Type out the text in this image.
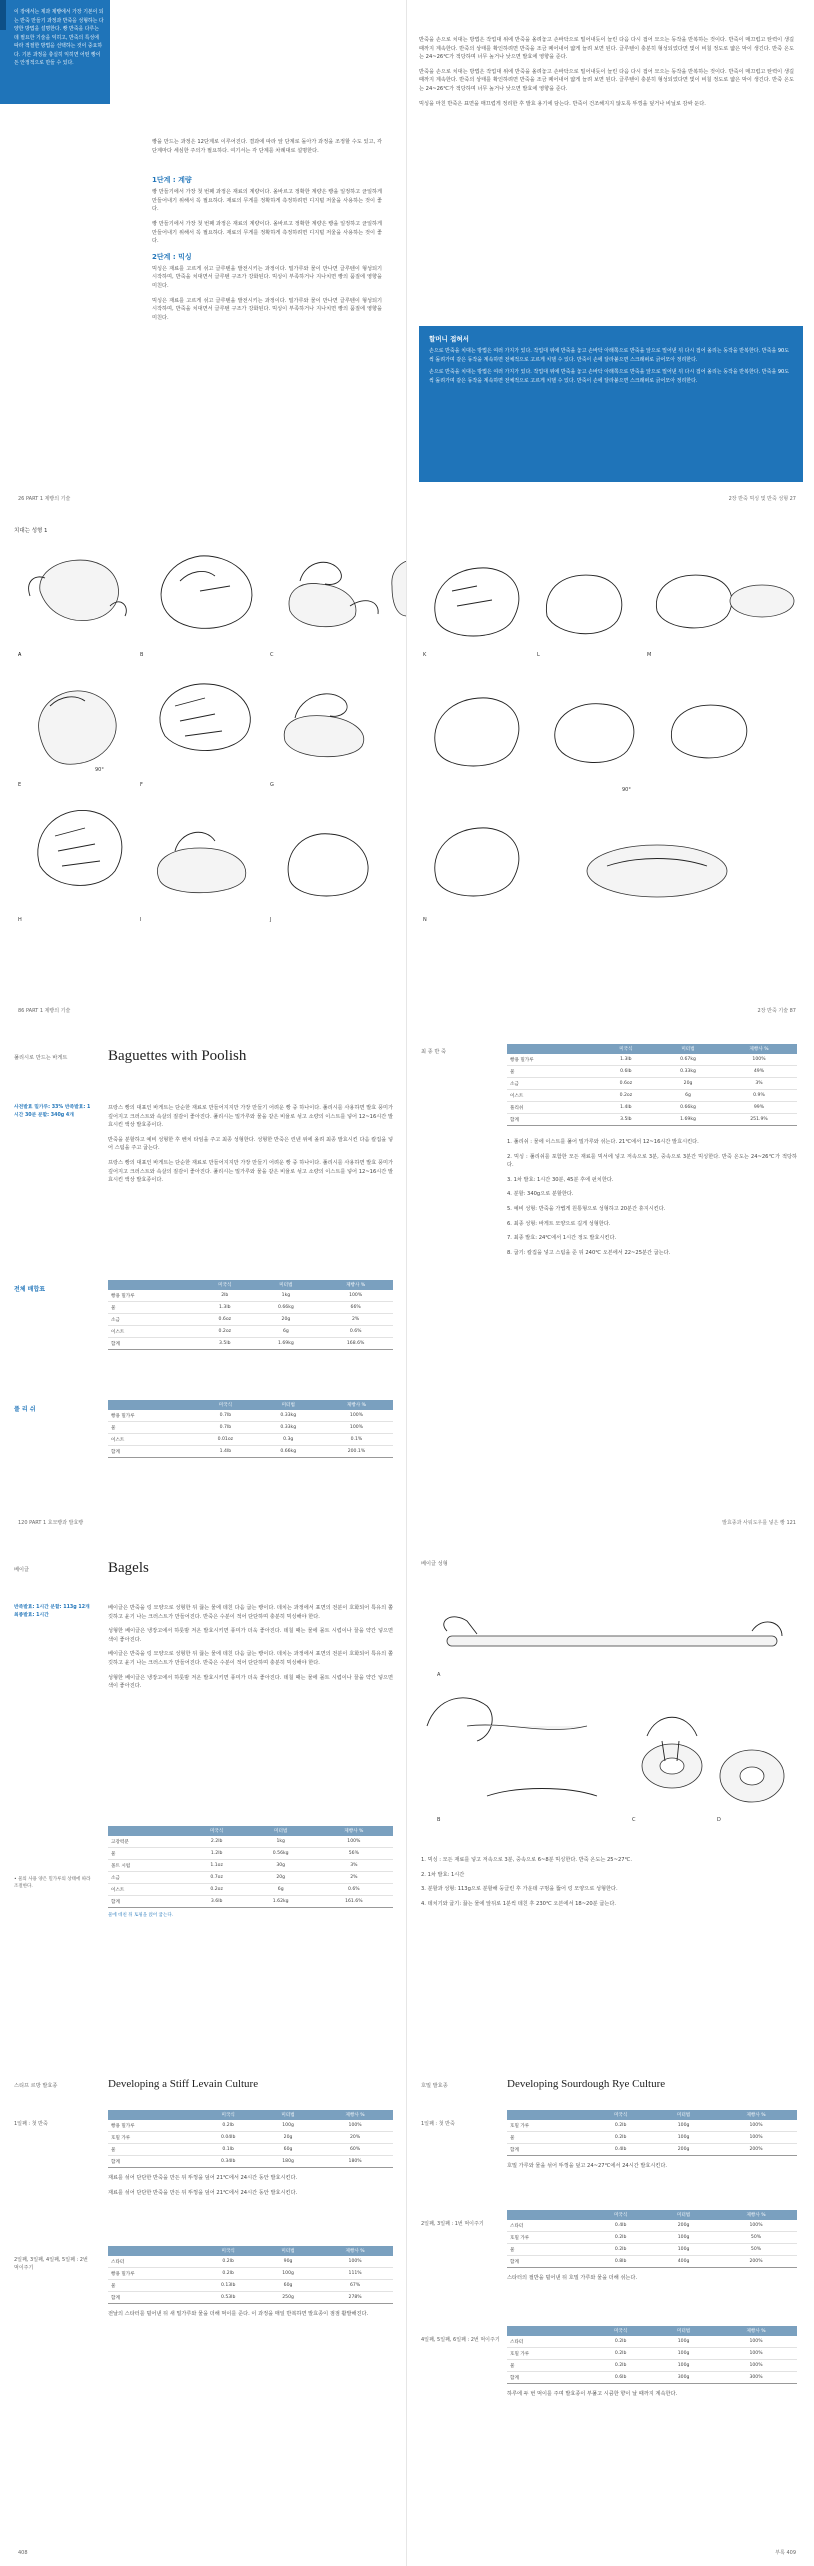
이 장에서는 제과 제빵에서 가장 기본이 되는 반죽 만들기 과정과 반죽을 성형하는 다양한 방법을 설명한다. 빵 반죽을 다루는 데 필요한 기술을 익히고, 반죽의 특성에 따라 적절한 방법을 선택하는 것이 중요하다. 기본 과정을 충실히 익히면 어떤 빵이든 안정적으로 만들 수 있다.

빵을 만드는 과정은 12단계로 이루어진다. 결과에 따라 앞 단계로 돌아가 과정을 조정할 수도 있고, 각 단계마다 세심한 주의가 필요하다. 여기서는 각 단계를 차례대로 설명한다.

1단계 : 계량

빵 만들기에서 가장 첫 번째 과정은 재료의 계량이다. 올바르고 정확한 계량은 빵을 일정하고 균일하게 만들어내기 위해서 꼭 필요하다. 재료의 무게를 정확하게 측정하려면 디지털 저울을 사용하는 것이 좋다.

빵 만들기에서 가장 첫 번째 과정은 재료의 계량이다. 올바르고 정확한 계량은 빵을 일정하고 균일하게 만들어내기 위해서 꼭 필요하다. 재료의 무게를 정확하게 측정하려면 디지털 저울을 사용하는 것이 좋다.

2단계 : 믹싱

믹싱은 재료를 고르게 섞고 글루텐을 발전시키는 과정이다. 밀가루와 물이 만나면 글루텐이 형성되기 시작하며, 반죽을 치대면서 글루텐 구조가 강화된다. 믹싱이 부족하거나 지나치면 빵의 품질에 영향을 미친다.

믹싱은 재료를 고르게 섞고 글루텐을 발전시키는 과정이다. 밀가루와 물이 만나면 글루텐이 형성되기 시작하며, 반죽을 치대면서 글루텐 구조가 강화된다. 믹싱이 부족하거나 지나치면 빵의 품질에 영향을 미친다.

26 PART 1 제빵의 기술

반죽을 손으로 치대는 방법은 작업대 위에 반죽을 올려놓고 손바닥으로 밀어내듯이 늘린 다음 다시 접어 모으는 동작을 반복하는 것이다. 반죽이 매끄럽고 탄력이 생길 때까지 계속한다. 반죽의 상태를 확인하려면 반죽을 조금 떼어내어 얇게 늘려 보면 된다. 글루텐이 충분히 형성되었다면 빛이 비칠 정도로 얇은 막이 생긴다. 반죽 온도는 24~26℃가 적당하며 너무 높거나 낮으면 발효에 영향을 준다.

반죽을 손으로 치대는 방법은 작업대 위에 반죽을 올려놓고 손바닥으로 밀어내듯이 늘린 다음 다시 접어 모으는 동작을 반복하는 것이다. 반죽이 매끄럽고 탄력이 생길 때까지 계속한다. 반죽의 상태를 확인하려면 반죽을 조금 떼어내어 얇게 늘려 보면 된다. 글루텐이 충분히 형성되었다면 빛이 비칠 정도로 얇은 막이 생긴다. 반죽 온도는 24~26℃가 적당하며 너무 높거나 낮으면 발효에 영향을 준다.

믹싱을 마친 반죽은 표면을 매끄럽게 정리한 후 발효 용기에 담는다. 반죽이 건조해지지 않도록 뚜껑을 덮거나 비닐로 감싸 둔다.

할머니 접혀서

손으로 반죽을 치대는 방법은 여러 가지가 있다. 작업대 위에 반죽을 놓고 손바닥 아래쪽으로 반죽을 앞으로 밀어낸 뒤 다시 접어 올리는 동작을 반복한다. 반죽을 90도씩 돌려가며 같은 동작을 계속하면 전체적으로 고르게 치댈 수 있다. 반죽이 손에 달라붙으면 스크래퍼로 긁어모아 정리한다.

손으로 반죽을 치대는 방법은 여러 가지가 있다. 작업대 위에 반죽을 놓고 손바닥 아래쪽으로 반죽을 앞으로 밀어낸 뒤 다시 접어 올리는 동작을 반복한다. 반죽을 90도씩 돌려가며 같은 동작을 계속하면 전체적으로 고르게 치댈 수 있다. 반죽이 손에 달라붙으면 스크래퍼로 긁어모아 정리한다.

2장 반죽 믹싱 및 반죽 성형 27
치대는 성형 1
A	B	C
E	F	G
H	I	J
90°
86 PART 1 제빵의 기술
K	L	M
N
90°
2장 반죽 기술 87
풀리시로 만드는 바게트	Baguettes with Poolish
사전발효 밀가루: 33% 반죽발효: 1시간 30분 분할: 340g 4개

프랑스 빵의 대표인 바게트는 단순한 재료로 만들어지지만 가장 만들기 어려운 빵 중 하나이다. 풀리시를 사용하면 발효 풍미가 깊어지고 크러스트와 속살의 질감이 좋아진다. 풀리시는 밀가루와 물을 같은 비율로 섞고 소량의 이스트를 넣어 12~16시간 발효시킨 액상 발효종이다.

반죽을 분할하고 예비 성형한 후 벤치 타임을 주고 최종 성형한다. 성형한 반죽은 린넨 위에 올려 최종 발효시킨 다음 칼집을 넣어 스팀을 주고 굽는다.

프랑스 빵의 대표인 바게트는 단순한 재료로 만들어지지만 가장 만들기 어려운 빵 중 하나이다. 풀리시를 사용하면 발효 풍미가 깊어지고 크러스트와 속살의 질감이 좋아진다. 풀리시는 밀가루와 물을 같은 비율로 섞고 소량의 이스트를 넣어 12~16시간 발효시킨 액상 발효종이다.

전체 배합표
	미국식	미터법	제빵사 %
빵용 밀가루	2lb	1kg	100%
물	1.3lb	0.66kg	66%
소금	0.6oz	20g	2%
이스트	0.2oz	6g	0.6%
합계	3.5lb	1.69kg	168.6%
풀 리 쉬
	미국식	미터법	제빵사 %
빵용 밀가루	0.7lb	0.33kg	100%
물	0.7lb	0.33kg	100%
이스트	0.01oz	0.3g	0.1%
합계	1.4lb	0.66kg	200.1%
120 PART 1 효모빵과 발효빵
최 종 반 죽
		미국식	미터법	제빵사 %
빵용 밀가루	1.3lb	0.67kg	100%
물	0.6lb	0.33kg	49%
소금	0.6oz	20g	3%
이스트	0.2oz	6g	0.9%
풀리쉬	1.4lb	0.66kg	99%
합계	3.5lb	1.69kg	251.9%

1. 풀리쉬 : 물에 이스트를 풀어 밀가루와 섞는다. 21℃에서 12~16시간 발효시킨다.

2. 믹싱 : 풀리쉬를 포함한 모든 재료를 믹서에 넣고 저속으로 3분, 중속으로 3분간 믹싱한다. 반죽 온도는 24~26℃가 적당하다.

3. 1차 발효: 1시간 30분, 45분 후에 펀치한다.

4. 분할: 340g으로 분할한다.

5. 예비 성형: 반죽을 가볍게 원통형으로 성형하고 20분간 휴지시킨다.

6. 최종 성형: 바게트 모양으로 길게 성형한다.

7. 최종 발효: 24℃에서 1시간 정도 발효시킨다.

8. 굽기: 칼집을 넣고 스팀을 준 뒤 240℃ 오븐에서 22~25분간 굽는다.

발효종과 사워도우를 넣은 빵 121
베이글	Bagels
반죽발효: 1시간 분할: 113g 12개 최종발효: 1시간

베이글은 반죽을 링 모양으로 성형한 뒤 끓는 물에 데친 다음 굽는 빵이다. 데치는 과정에서 표면의 전분이 호화되어 특유의 쫄깃하고 윤기 나는 크러스트가 만들어진다. 반죽은 수분이 적어 단단하며 충분히 믹싱해야 한다.

성형한 베이글은 냉장고에서 하룻밤 저온 발효시키면 풍미가 더욱 좋아진다. 데칠 때는 물에 몰트 시럽이나 꿀을 약간 넣으면 색이 좋아진다.

베이글은 반죽을 링 모양으로 성형한 뒤 끓는 물에 데친 다음 굽는 빵이다. 데치는 과정에서 표면의 전분이 호화되어 특유의 쫄깃하고 윤기 나는 크러스트가 만들어진다. 반죽은 수분이 적어 단단하며 충분히 믹싱해야 한다.

성형한 베이글은 냉장고에서 하룻밤 저온 발효시키면 풍미가 더욱 좋아진다. 데칠 때는 물에 몰트 시럽이나 꿀을 약간 넣으면 색이 좋아진다.

• 물의 사용 양은 밀가루의 상태에 따라 조절한다.
	미국식	미터법	제빵사 %
고강력분	2.2lb	1kg	100%
물	1.2lb	0.56kg	56%
몰트 시럽	1.1oz	30g	3%
소금	0.7oz	20g	2%
이스트	0.2oz	6g	0.6%
합계	3.6lb	1.62kg	161.6%
물에 데친 뒤 토핑을 얹어 굽는다.
베이글 성형
A
B	C	D

1. 믹싱 : 모든 재료를 넣고 저속으로 3분, 중속으로 6~8분 믹싱한다. 반죽 온도는 25~27℃.

2. 1차 발효: 1시간

3. 분할과 성형: 113g으로 분할해 둥글린 후 가운데 구멍을 뚫어 링 모양으로 성형한다.

4. 데치기와 굽기: 끓는 물에 앞뒤로 1분씩 데친 후 230℃ 오븐에서 18~20분 굽는다.

스티프 르방 발효종	Developing a Stiff Levain Culture
1일째 : 첫 반죽
	미국식	미터법	제빵사 %
빵용 밀가루	0.2lb	100g	100%
호밀 가루	0.04lb	20g	20%
물	0.1lb	60g	60%
합계	0.34lb	180g	180%

재료를 섞어 단단한 반죽을 만든 뒤 뚜껑을 덮어 21℃에서 24시간 동안 발효시킨다.

재료를 섞어 단단한 반죽을 만든 뒤 뚜껑을 덮어 21℃에서 24시간 동안 발효시킨다.

2일째, 3일째, 4일째, 5일째 : 2번 먹이주기
	미국식	미터법	제빵사 %
스타터	0.2lb	90g	100%
빵용 밀가루	0.2lb	100g	111%
물	0.13lb	60g	67%
합계	0.53lb	250g	278%

전날의 스타터를 덜어낸 뒤 새 밀가루와 물을 더해 먹이를 준다. 이 과정을 매일 반복하면 발효종이 점점 활발해진다.

408
호밀 발효종	Developing Sourdough Rye Culture
1일째 : 첫 반죽
	미국식	미터법	제빵사 %
호밀 가루	0.2lb	100g	100%
물	0.2lb	100g	100%
합계	0.4lb	200g	200%

호밀 가루와 물을 섞어 뚜껑을 덮고 24~27℃에서 24시간 발효시킨다.

2일째, 3일째 : 1번 먹이주기
	미국식	미터법	제빵사 %
스타터	0.4lb	200g	100%
호밀 가루	0.2lb	100g	50%
물	0.2lb	100g	50%
합계	0.8lb	400g	200%

스타터의 절반을 덜어낸 뒤 호밀 가루와 물을 더해 섞는다.

4일째, 5일째, 6일째 : 2번 먹이주기
	미국식	미터법	제빵사 %
스타터	0.2lb	100g	100%
호밀 가루	0.2lb	100g	100%
물	0.2lb	100g	100%
합계	0.6lb	300g	300%

하루에 두 번 먹이를 주며 발효종이 부풀고 시큼한 향이 날 때까지 계속한다.

부록 409
